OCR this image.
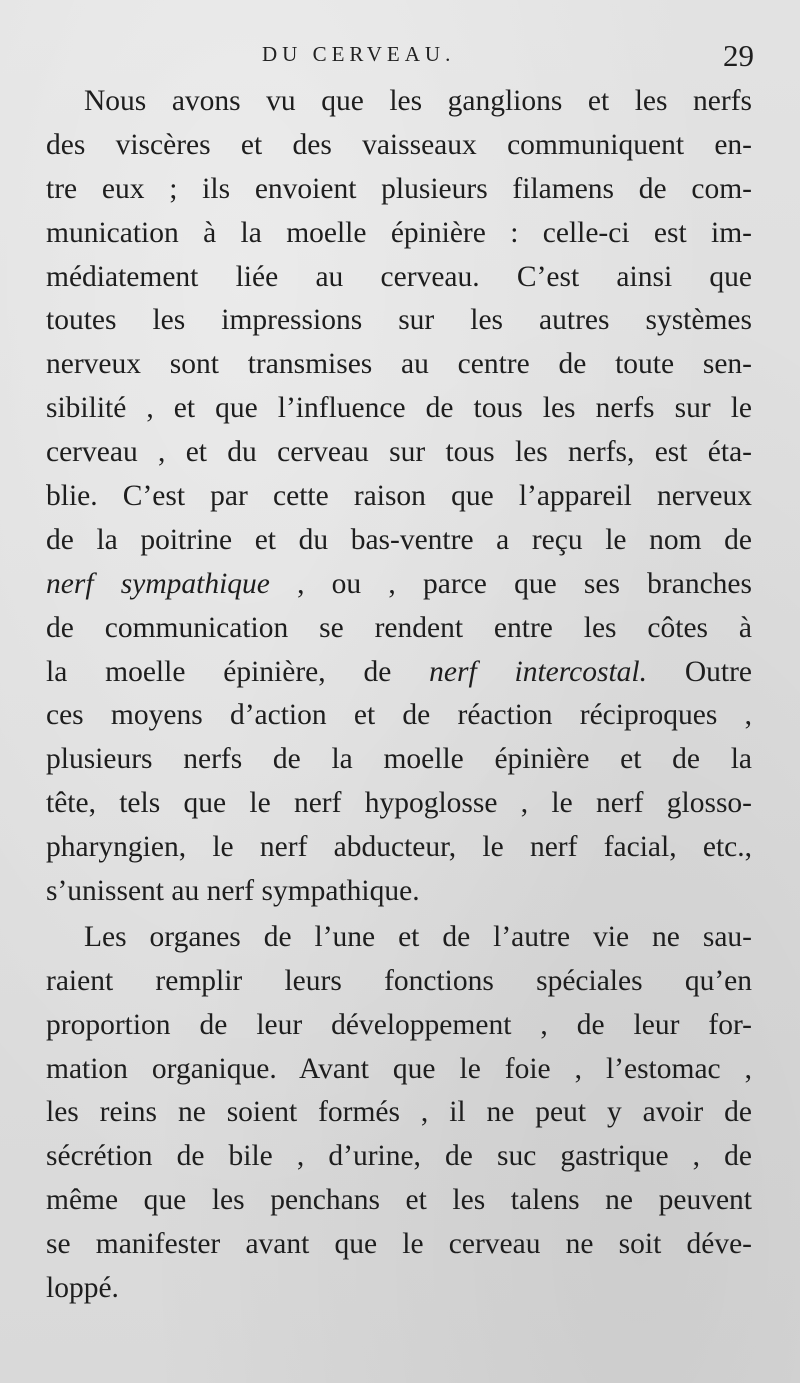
DU CERVEAU.	29
Nous avons vu que les ganglions et les nerfs
des viscères et des vaisseaux communiquent en-
tre eux ; ils envoient plusieurs filamens de com-
munication à la moelle épinière : celle-ci est im-
médiatement liée au cerveau. C’est ainsi que
toutes les impressions sur les autres systèmes
nerveux sont transmises au centre de toute sen-
sibilité , et que l’influence de tous les nerfs sur le
cerveau , et du cerveau sur tous les nerfs, est éta-
blie. C’est par cette raison que l’appareil nerveux
de la poitrine et du bas-ventre a reçu le nom de
nerf sympathique , ou , parce que ses branches
de communication se rendent entre les côtes à
la moelle épinière, de nerf intercostal. Outre
ces moyens d’action et de réaction réciproques ,
plusieurs nerfs de la moelle épinière et de la
tête, tels que le nerf hypoglosse , le nerf glosso-
pharyngien, le nerf abducteur, le nerf facial, etc.,
s’unissent au nerf sympathique.
Les organes de l’une et de l’autre vie ne sau-
raient remplir leurs fonctions spéciales qu’en
proportion de leur développement , de leur for-
mation organique. Avant que le foie , l’estomac ,
les reins ne soient formés , il ne peut y avoir de
sécrétion de bile , d’urine, de suc gastrique , de
même que les penchans et les talens ne peuvent
se manifester avant que le cerveau ne soit déve-
loppé.
